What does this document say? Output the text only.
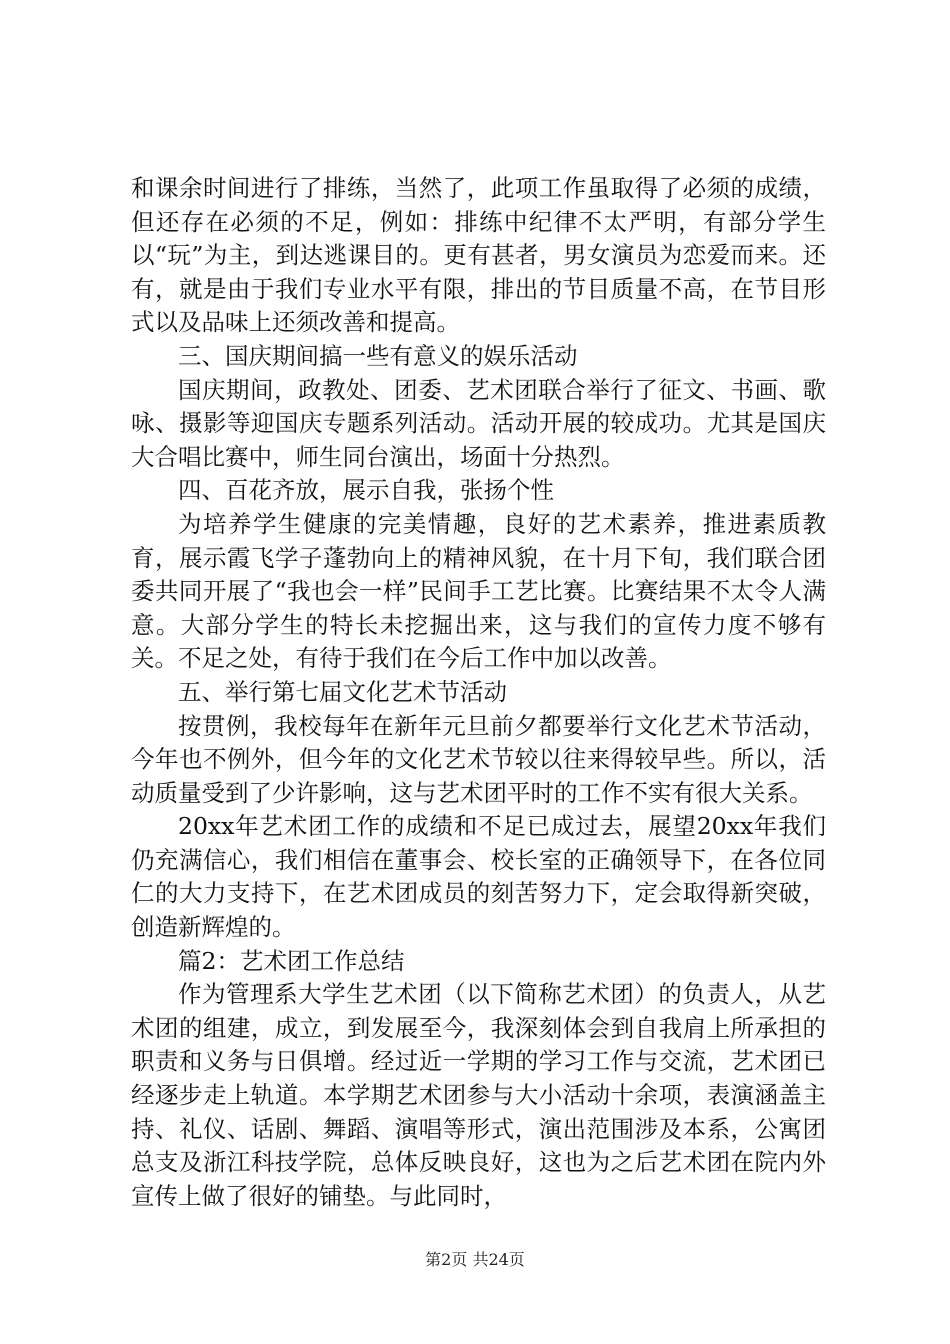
和课余时间进行了排练，当然了，此项工作虽取得了必须的成绩，但还存在必须的不足，例如：排练中纪律不太严明，有部分学生以“玩”为主，到达逃课目的。更有甚者，男女演员为恋爱而来。还有，就是由于我们专业水平有限，排出的节目质量不高，在节目形式以及品味上还须改善和提高。

三、国庆期间搞一些有意义的娱乐活动

国庆期间，政教处、团委、艺术团联合举行了征文、书画、歌咏、摄影等迎国庆专题系列活动。活动开展的较成功。尤其是国庆大合唱比赛中，师生同台演出，场面十分热烈。

四、百花齐放，展示自我，张扬个性

为培养学生健康的完美情趣，良好的艺术素养，推进素质教育，展示霞飞学子蓬勃向上的精神风貌，在十月下旬，我们联合团委共同开展了“我也会一样”民间手工艺比赛。比赛结果不太令人满意。大部分学生的特长未挖掘出来，这与我们的宣传力度不够有关。不足之处，有待于我们在今后工作中加以改善。

五、举行第七届文化艺术节活动

按贯例，我校每年在新年元旦前夕都要举行文化艺术节活动，今年也不例外，但今年的文化艺术节较以往来得较早些。所以，活动质量受到了少许影响，这与艺术团平时的工作不实有很大关系。

20xx年艺术团工作的成绩和不足已成过去，展望20xx年我们仍充满信心，我们相信在董事会、校长室的正确领导下，在各位同仁的大力支持下，在艺术团成员的刻苦努力下，定会取得新突破，创造新辉煌的。

篇2：艺术团工作总结

作为管理系大学生艺术团（以下简称艺术团）的负责人，从艺术团的组建，成立，到发展至今，我深刻体会到自我肩上所承担的职责和义务与日俱增。经过近一学期的学习工作与交流，艺术团已经逐步走上轨道。本学期艺术团参与大小活动十余项，表演涵盖主持、礼仪、话剧、舞蹈、演唱等形式，演出范围涉及本系，公寓团总支及浙江科技学院，总体反映良好，这也为之后艺术团在院内外宣传上做了很好的铺垫。与此同时，

第2页 共24页
